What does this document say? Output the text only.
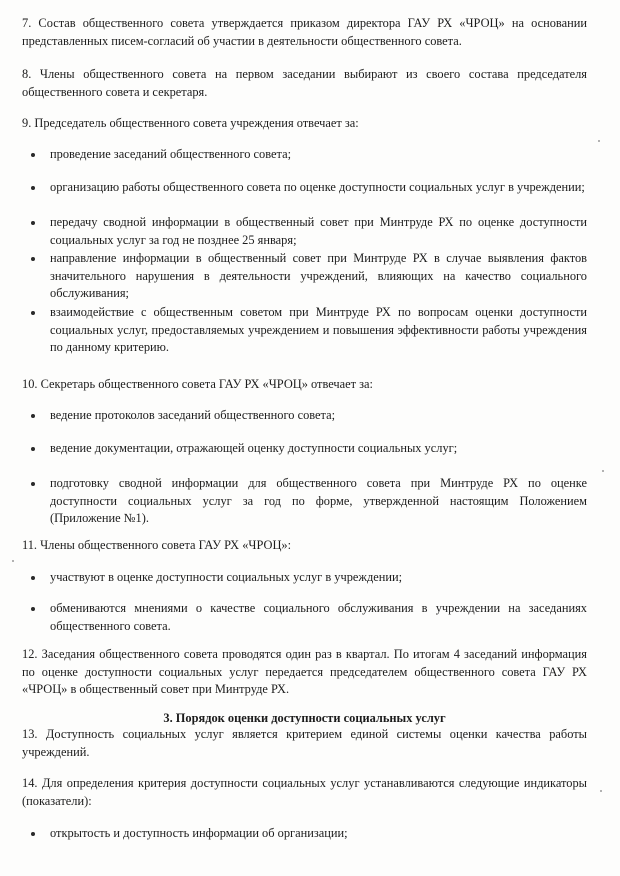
7. Состав общественного совета утверждается приказом директора ГАУ РХ «ЧРОЦ» на основании представленных писем-согласий об участии в деятельности общественного совета.
8. Члены общественного совета на первом заседании выбирают из своего состава председателя общественного совета и секретаря.
9. Председатель общественного совета учреждения отвечает за:
проведение заседаний общественного совета;
организацию работы общественного совета по оценке доступности социальных услуг в учреждении;
передачу сводной информации в общественный совет при Минтруде РХ по оценке доступности социальных услуг за год не позднее 25 января;
направление информации в общественный совет при Минтруде РХ в случае выявления фактов значительного нарушения в деятельности учреждений, влияющих на качество социального обслуживания;
взаимодействие с общественным советом при Минтруде РХ по вопросам оценки доступности социальных услуг, предоставляемых учреждением и повышения эффективности работы учреждения по данному критерию.
10. Секретарь общественного совета ГАУ РХ «ЧРОЦ» отвечает за:
ведение протоколов заседаний общественного совета;
ведение документации, отражающей оценку доступности социальных услуг;
подготовку сводной информации для общественного совета при Минтруде РХ по оценке доступности социальных услуг за год по форме, утвержденной настоящим Положением (Приложение №1).
11. Члены общественного совета ГАУ РХ «ЧРОЦ»:
участвуют в оценке доступности социальных услуг в учреждении;
обмениваются мнениями о качестве социального обслуживания в учреждении на заседаниях общественного совета.
12. Заседания общественного совета проводятся один раз в квартал. По итогам 4 заседаний информация по оценке доступности социальных услуг передается председателем общественного совета ГАУ РХ «ЧРОЦ» в общественный совет при Минтруде РХ.
3. Порядок оценки доступности социальных услуг
13. Доступность социальных услуг является критерием единой системы оценки качества работы учреждений.
14. Для определения критерия доступности социальных услуг устанавливаются следующие индикаторы (показатели):
открытость и доступность информации об организации;
